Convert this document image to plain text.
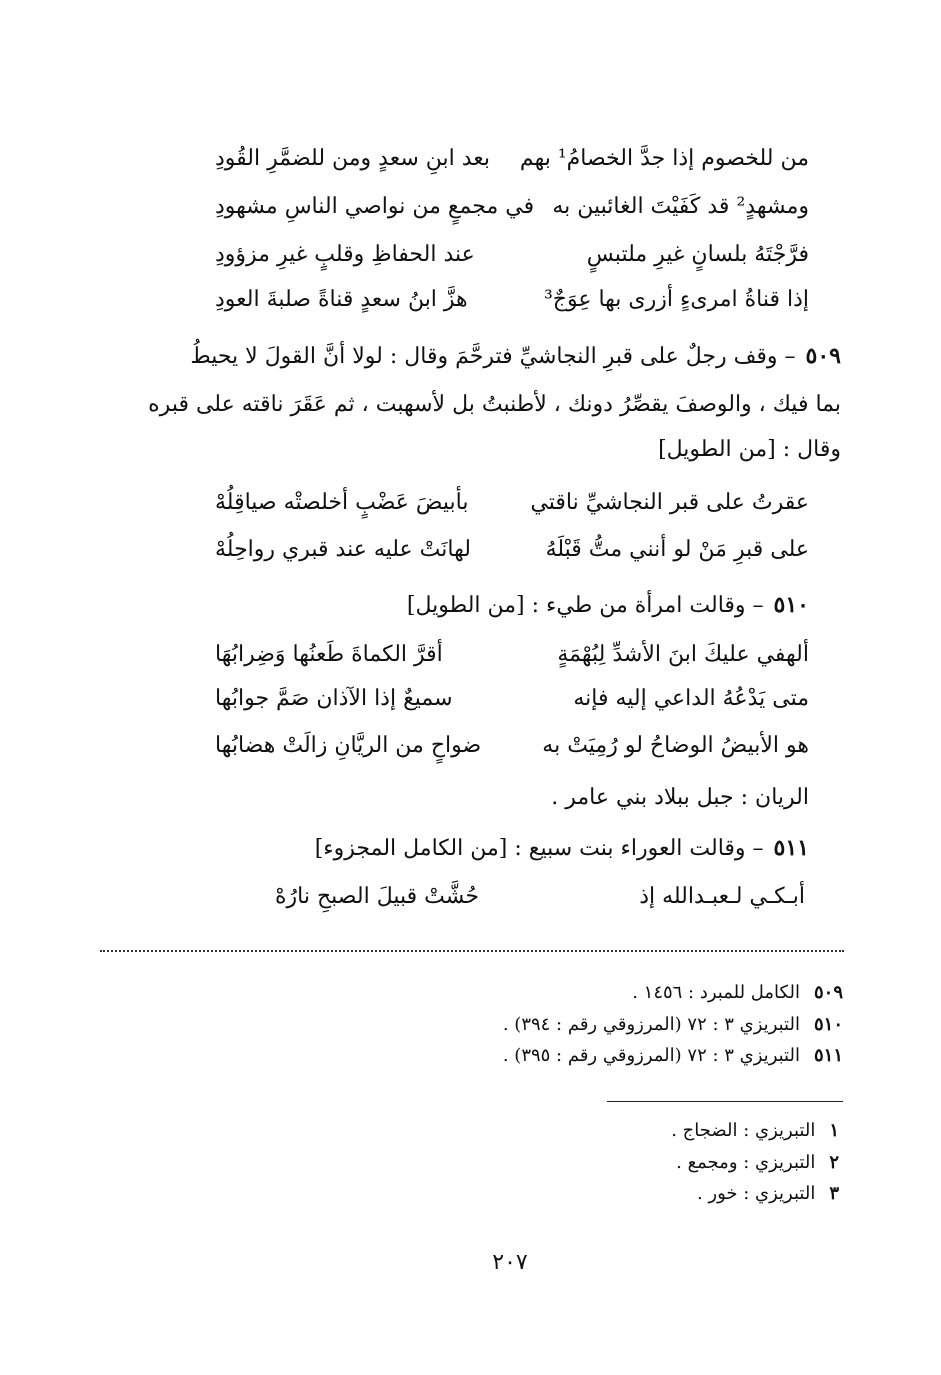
من للخصوم إذا جدَّ الخصامُ¹ بهم
بعد ابنِ سعدٍ ومن للضمَّرِ القُودِ
ومشهدٍ² قد كَفَيْتَ الغائبين به
في مجمعٍ من نواصي الناسِ مشهودِ
فرَّجْتَهُ بلسانٍ غيرِ ملتبسٍ
عند الحفاظِ وقلبٍ غيرِ مزؤودِ
إذا قناةُ امرىءٍ أزرى بها عِوَجٌ³
هزَّ ابنُ سعدٍ قناةً صلبةَ العودِ
٥٠٩– وقف رجلٌ على قبرِ النجاشيِّ فترحَّمَ وقال : لولا أنَّ القولَ لا يحيطُ
بما فيك ، والوصفَ يقصِّرُ دونك ، لأطنبتُ بل لأسهبت ، ثم عَقَرَ ناقته على قبره
وقال : [من الطويل]
عقرتُ على قبر النجاشيِّ ناقتي
بأبيضَ عَضْبٍ أخلصتْه صياقِلُهْ
على قبرِ مَنْ لو أنني متُّ قَبْلَهُ
لهانَتْ عليه عند قبري رواحِلُهْ
٥١٠– وقالت امرأة من طيء : [من الطويل]
ألهفي عليكَ ابنَ الأشدِّ لِبُهْمَةٍ
أقرَّ الكماةَ طَعنُها وَضِرابُهَا
متى يَدْعُهُ الداعي إليه فإنه
سميعٌ إذا الآذان صَمَّ جوابُها
هو الأبيضُ الوضاحُ لو رُمِيَتْ به
ضواحٍ من الريَّانِ زالَتْ هضابُها
الريان : جبل ببلاد بني عامر .
٥١١– وقالت العوراء بنت سبيع : [من الكامل المجزوء]
أبـكـي لـعبـدالله إذ
حُشَّتْ قبيلَ الصبحِ نارُهْ
٥٠٩الكامل للمبرد : ١٤٥٦ .
٥١٠التبريزي ٣ : ٧٢ (المرزوقي رقم : ٣٩٤) .
٥١١التبريزي ٣ : ٧٢ (المرزوقي رقم : ٣٩٥) .
١التبريزي : الضجاج .
٢التبريزي : ومجمع .
٣التبريزي : خور .
٢٠٧
